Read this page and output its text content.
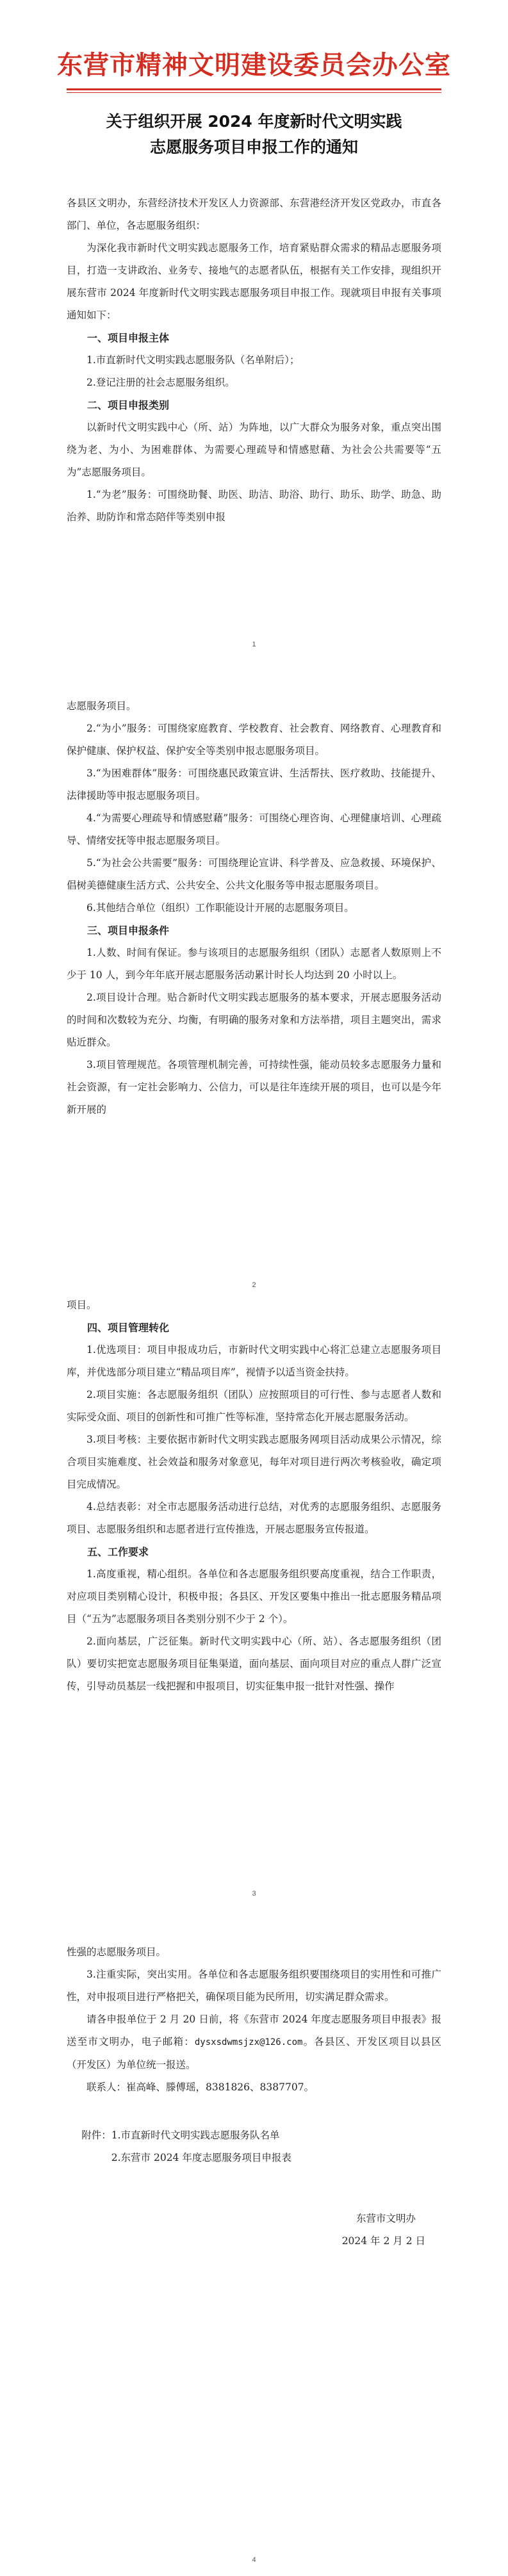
东营市精神文明建设委员会办公室
关于组织开展 2024 年度新时代文明实践
志愿服务项目申报工作的通知

各县区文明办，东营经济技术开发区人力资源部、东营港经济开发区党政办，市直各部门、单位，各志愿服务组织：

为深化我市新时代文明实践志愿服务工作，培育紧贴群众需求的精品志愿服务项目，打造一支讲政治、业务专、接地气的志愿者队伍，根据有关工作安排，现组织开展东营市 2024 年度新时代文明实践志愿服务项目申报工作。现就项目申报有关事项通知如下：

一、项目申报主体

1.市直新时代文明实践志愿服务队（名单附后）；

2.登记注册的社会志愿服务组织。

二、项目申报类别

以新时代文明实践中心（所、站）为阵地，以广大群众为服务对象，重点突出围绕为老、为小、为困难群体、为需要心理疏导和情感慰藉、为社会公共需要等“五为”志愿服务项目。

1.“为老”服务：可围绕助餐、助医、助洁、助浴、助行、助乐、助学、助急、助治养、助防诈和常态陪伴等类别申报

1

志愿服务项目。

2.“为小”服务：可围绕家庭教育、学校教育、社会教育、网络教育、心理教育和保护健康、保护权益、保护安全等类别申报志愿服务项目。

3.“为困难群体”服务：可围绕惠民政策宣讲、生活帮扶、医疗救助、技能提升、法律援助等申报志愿服务项目。

4.“为需要心理疏导和情感慰藉”服务：可围绕心理咨询、心理健康培训、心理疏导、情绪安抚等申报志愿服务项目。

5.“为社会公共需要”服务：可围绕理论宣讲、科学普及、应急救援、环境保护、倡树美德健康生活方式、公共安全、公共文化服务等申报志愿服务项目。

6.其他结合单位（组织）工作职能设计开展的志愿服务项目。

三、项目申报条件

1.人数、时间有保证。参与该项目的志愿服务组织（团队）志愿者人数原则上不少于 10 人，到今年年底开展志愿服务活动累计时长人均达到 20 小时以上。

2.项目设计合理。贴合新时代文明实践志愿服务的基本要求，开展志愿服务活动的时间和次数较为充分、均衡，有明确的服务对象和方法举措，项目主题突出，需求贴近群众。

3.项目管理规范。各项管理机制完善，可持续性强，能动员较多志愿服务力量和社会资源，有一定社会影响力、公信力，可以是往年连续开展的项目，也可以是今年新开展的

2

项目。

四、项目管理转化

1.优选项目：项目申报成功后，市新时代文明实践中心将汇总建立志愿服务项目库，并优选部分项目建立“精品项目库”，视情予以适当资金扶持。

2.项目实施：各志愿服务组织（团队）应按照项目的可行性、参与志愿者人数和实际受众面、项目的创新性和可推广性等标准，坚持常态化开展志愿服务活动。

3.项目考核：主要依据市新时代文明实践志愿服务网项目活动成果公示情况，综合项目实施难度、社会效益和服务对象意见，每年对项目进行两次考核验收，确定项目完成情况。

4.总结表彰：对全市志愿服务活动进行总结，对优秀的志愿服务组织、志愿服务项目、志愿服务组织和志愿者进行宣传推选，开展志愿服务宣传报道。

五、工作要求

1.高度重视，精心组织。各单位和各志愿服务组织要高度重视，结合工作职责，对应项目类别精心设计，积极申报；各县区、开发区要集中推出一批志愿服务精品项目（“五为”志愿服务项目各类别分别不少于 2 个）。

2.面向基层，广泛征集。新时代文明实践中心（所、站）、各志愿服务组织（团队）要切实把宽志愿服务项目征集渠道，面向基层、面向项目对应的重点人群广泛宣传，引导动员基层一线把握和申报项目，切实征集申报一批针对性强、操作

3

性强的志愿服务项目。

3.注重实际，突出实用。各单位和各志愿服务组织要围绕项目的实用性和可推广性，对申报项目进行严格把关，确保项目能为民所用，切实满足群众需求。

请各申报单位于 2 月 20 日前，将《东营市 2024 年度志愿服务项目申报表》报送至市文明办，电子邮箱：dysxsdwmsjzx@126.com。各县区、开发区项目以县区（开发区）为单位统一报送。

联系人：崔高峰、滕傅瑶，8381826、8387707。

附件：1.市直新时代文明实践志愿服务队名单

2.东营市 2024 年度志愿服务项目申报表

东营市文明办

2024 年 2 月 2 日

4
